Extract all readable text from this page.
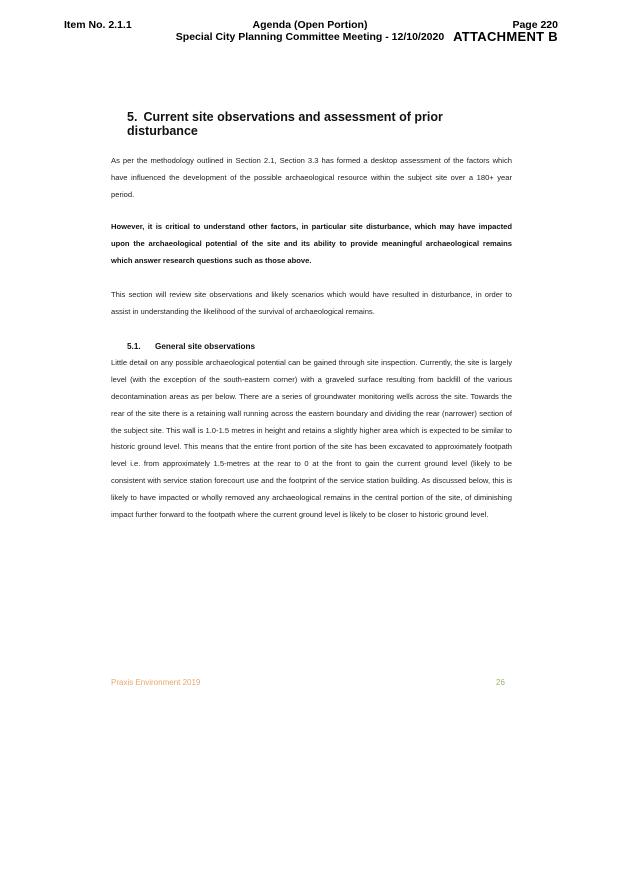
Item No. 2.1.1	Agenda (Open Portion)
Special City Planning Committee Meeting - 12/10/2020
Page 220
ATTACHMENT B
5. Current site observations and assessment of prior disturbance

As per the methodology outlined in Section 2.1, Section 3.3 has formed a desktop assessment of the factors which have influenced the development of the possible archaeological resource within the subject site over a 180+ year period.

However, it is critical to understand other factors, in particular site disturbance, which may have impacted upon the archaeological potential of the site and its ability to provide meaningful archaeological remains which answer research questions such as those above.

This section will review site observations and likely scenarios which would have resulted in disturbance, in order to assist in understanding the likelihood of the survival of archaeological remains.

5.1. General site observations

Little detail on any possible archaeological potential can be gained through site inspection. Currently, the site is largely level (with the exception of the south-eastern corner) with a graveled surface resulting from backfill of the various decontamination areas as per below. There are a series of groundwater monitoring wells across the site. Towards the rear of the site there is a retaining wall running across the eastern boundary and dividing the rear (narrower) section of the subject site. This wall is 1.0-1.5 metres in height and retains a slightly higher area which is expected to be similar to historic ground level. This means that the entire front portion of the site has been excavated to approximately footpath level i.e. from approximately 1.5-metres at the rear to 0 at the front to gain the current ground level (likely to be consistent with service station forecourt use and the footprint of the service station building. As discussed below, this is likely to have impacted or wholly removed any archaeological remains in the central portion of the site, of diminishing impact further forward to the footpath where the current ground level is likely to be closer to historic ground level.

Praxis Environment 2019	26
